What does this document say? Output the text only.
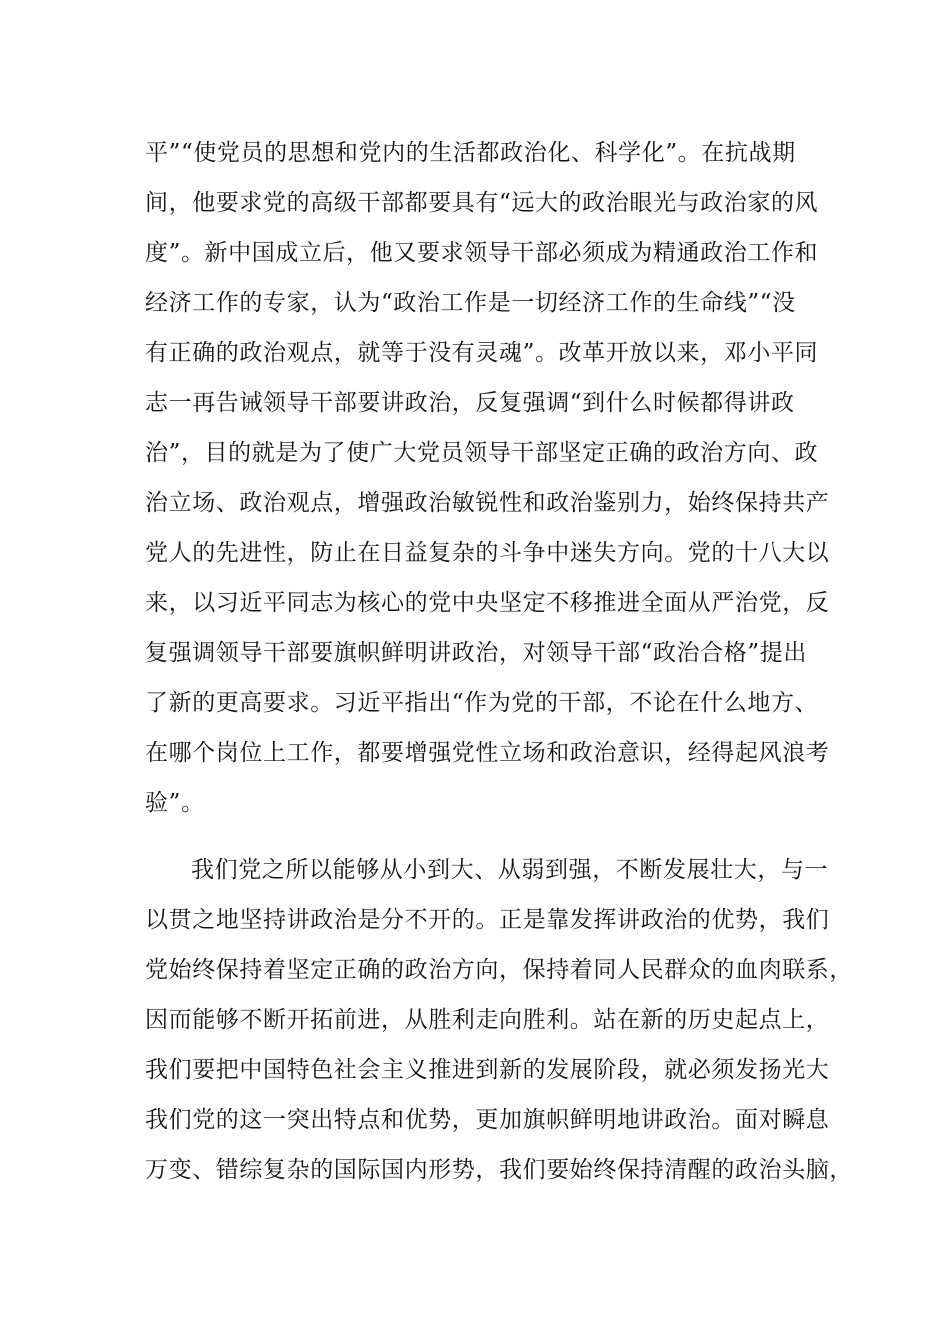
平”“使党员的思想和党内的生活都政治化、科学化”。在抗战期

间，他要求党的高级干部都要具有“远大的政治眼光与政治家的风

度”。新中国成立后，他又要求领导干部必须成为精通政治工作和

经济工作的专家，认为“政治工作是一切经济工作的生命线”“没

有正确的政治观点，就等于没有灵魂”。改革开放以来，邓小平同

志一再告诫领导干部要讲政治，反复强调“到什么时候都得讲政

治”，目的就是为了使广大党员领导干部坚定正确的政治方向、政

治立场、政治观点，增强政治敏锐性和政治鉴别力，始终保持共产

党人的先进性，防止在日益复杂的斗争中迷失方向。党的十八大以

来，以习近平同志为核心的党中央坚定不移推进全面从严治党，反

复强调领导干部要旗帜鲜明讲政治，对领导干部“政治合格”提出

了新的更高要求。习近平指出“作为党的干部，不论在什么地方、

在哪个岗位上工作，都要增强党性立场和政治意识，经得起风浪考

验”。

我们党之所以能够从小到大、从弱到强，不断发展壮大，与一

以贯之地坚持讲政治是分不开的。正是靠发挥讲政治的优势，我们

党始终保持着坚定正确的政治方向，保持着同人民群众的血肉联系，

因而能够不断开拓前进，从胜利走向胜利。站在新的历史起点上，

我们要把中国特色社会主义推进到新的发展阶段，就必须发扬光大

我们党的这一突出特点和优势，更加旗帜鲜明地讲政治。面对瞬息

万变、错综复杂的国际国内形势，我们要始终保持清醒的政治头脑，
